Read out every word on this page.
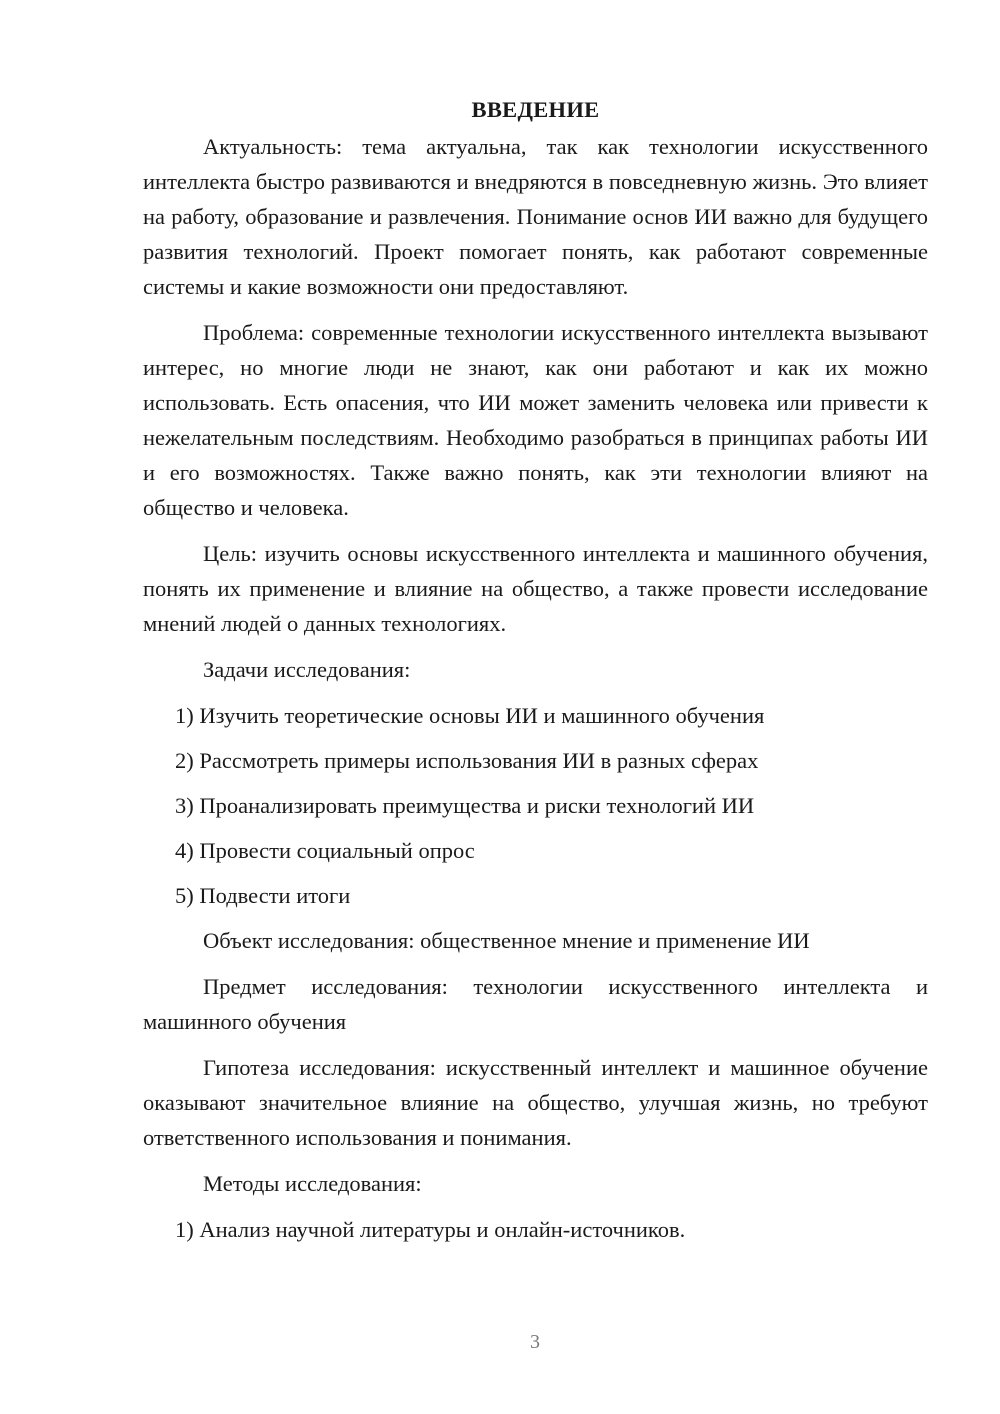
ВВЕДЕНИЕ

Актуальность: тема актуальна, так как технологии искусственного интеллекта быстро развиваются и внедряются в повседневную жизнь. Это влияет на работу, образование и развлечения. Понимание основ ИИ важно для будущего развития технологий. Проект помогает понять, как работают современные системы и какие возможности они предоставляют.

Проблема: современные технологии искусственного интеллекта вызывают интерес, но многие люди не знают, как они работают и как их можно использовать. Есть опасения, что ИИ может заменить человека или привести к нежелательным последствиям. Необходимо разобраться в принципах работы ИИ и его возможностях. Также важно понять, как эти технологии влияют на общество и человека.

Цель: изучить основы искусственного интеллекта и машинного обучения, понять их применение и влияние на общество, а также провести исследование мнений людей о данных технологиях.

Задачи исследования:

1) Изучить теоретические основы ИИ и машинного обучения

2) Рассмотреть примеры использования ИИ в разных сферах

3) Проанализировать преимущества и риски технологий ИИ

4) Провести социальный опрос

5) Подвести итоги

Объект исследования: общественное мнение и применение ИИ

Предмет исследования: технологии искусственного интеллекта и машинного обучения

Гипотеза исследования: искусственный интеллект и машинное обучение оказывают значительное влияние на общество, улучшая жизнь, но требуют ответственного использования и понимания.

Методы исследования:

1) Анализ научной литературы и онлайн-источников.

3
